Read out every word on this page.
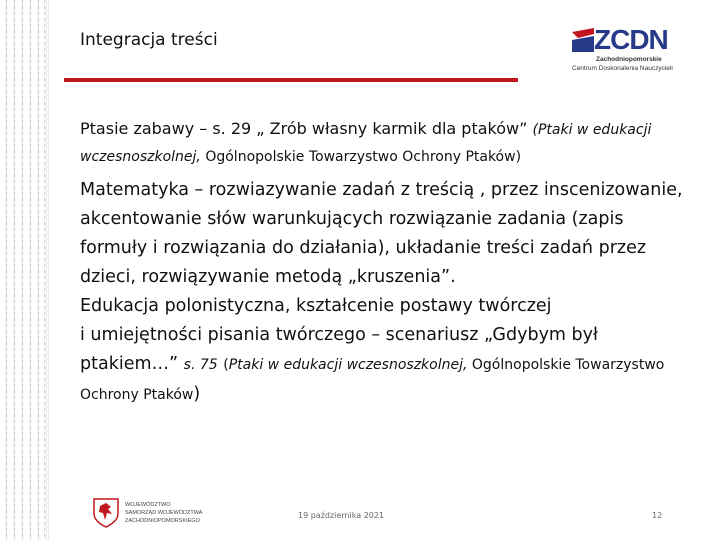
Integracja treści	ZCDN
Zachodniopomorskie
Centrum Doskonalenia Nauczycieli

Ptasie zabawy – s. 29 „ Zrób własny karmik dla ptaków” (Ptaki w edukacji wczesnoszkolnej, Ogólnopolskie Towarzystwo Ochrony Ptaków)

Matematyka – rozwiazywanie zadań z treścią , przez inscenizowanie, akcentowanie słów warunkujących rozwiązanie zadania (zapis formuły i rozwiązania do działania), układanie treści zadań przez dzieci, rozwiązywanie metodą „kruszenia”.

Edukacja polonistyczna, kształcenie postawy twórczej
i umiejętności pisania twórczego – scenariusz „Gdybym był ptakiem…” s. 75 (Ptaki w edukacji wczesnoszkolnej, Ogólnopolskie Towarzystwo Ochrony Ptaków)

WOJEWÓDZTWO
SAMORZĄD WOJEWÓDZTWA
ZACHODNIOPOMORSKIEGO
19 października 2021	12
